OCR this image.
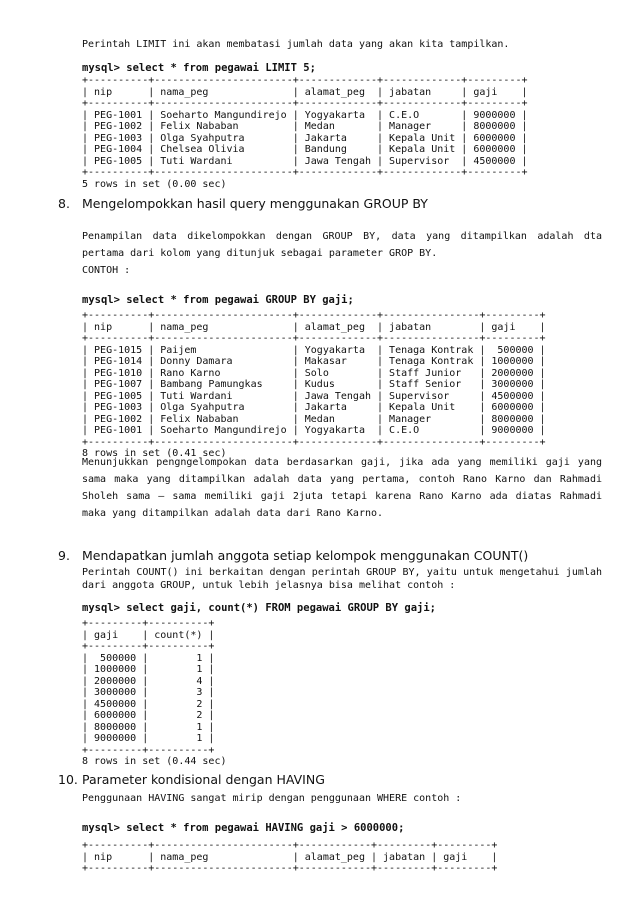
Perintah LIMIT ini akan membatasi jumlah data yang akan kita tampilkan.

mysql> select * from pegawai LIMIT 5;

+----------+-----------------------+-------------+-------------+---------+
| nip      | nama_peg              | alamat_peg  | jabatan     | gaji    |
+----------+-----------------------+-------------+-------------+---------+
| PEG-1001 | Soeharto Mangundirejo | Yogyakarta  | C.E.O       | 9000000 |
| PEG-1002 | Felix Nababan         | Medan       | Manager     | 8000000 |
| PEG-1003 | Olga Syahputra        | Jakarta     | Kepala Unit | 6000000 |
| PEG-1004 | Chelsea Olivia        | Bandung     | Kepala Unit | 6000000 |
| PEG-1005 | Tuti Wardani          | Jawa Tengah | Supervisor  | 4500000 |
+----------+-----------------------+-------------+-------------+---------+
5 rows in set (0.00 sec)
8. Mengelompokkan hasil query menggunakan GROUP BY

Penampilan data dikelompokkan dengan GROUP BY, data yang ditampilkan adalah dta pertama dari kolom yang ditunjuk sebagai parameter GROP BY.

CONTOH :

mysql> select * from pegawai GROUP BY gaji;

+----------+-----------------------+-------------+----------------+---------+
| nip      | nama_peg              | alamat_peg  | jabatan        | gaji    |
+----------+-----------------------+-------------+----------------+---------+
| PEG-1015 | Paijem                | Yogyakarta  | Tenaga Kontrak |  500000 |
| PEG-1014 | Donny Damara          | Makasar     | Tenaga Kontrak | 1000000 |
| PEG-1010 | Rano Karno            | Solo        | Staff Junior   | 2000000 |
| PEG-1007 | Bambang Pamungkas     | Kudus       | Staff Senior   | 3000000 |
| PEG-1005 | Tuti Wardani          | Jawa Tengah | Supervisor     | 4500000 |
| PEG-1003 | Olga Syahputra        | Jakarta     | Kepala Unit    | 6000000 |
| PEG-1002 | Felix Nababan         | Medan       | Manager        | 8000000 |
| PEG-1001 | Soeharto Mangundirejo | Yogyakarta  | C.E.O          | 9000000 |
+----------+-----------------------+-------------+----------------+---------+
8 rows in set (0.41 sec)

Menunjukkan pengngelompokan data berdasarkan gaji, jika ada yang memiliki gaji yang sama maka yang ditampilkan adalah data yang pertama, contoh Rano Karno dan Rahmadi Sholeh sama – sama memiliki gaji 2juta tetapi karena Rano Karno ada diatas Rahmadi maka yang ditampilkan adalah data dari Rano Karno.

9. Mendapatkan jumlah anggota setiap kelompok menggunakan COUNT()

Perintah COUNT() ini berkaitan dengan perintah GROUP BY, yaitu untuk mengetahui jumlah dari anggota GROUP, untuk lebih jelasnya bisa melihat contoh :

mysql> select gaji, count(*) FROM pegawai GROUP BY gaji;

+---------+----------+
| gaji    | count(*) |
+---------+----------+
|  500000 |        1 |
| 1000000 |        1 |
| 2000000 |        4 |
| 3000000 |        3 |
| 4500000 |        2 |
| 6000000 |        2 |
| 8000000 |        1 |
| 9000000 |        1 |
+---------+----------+
8 rows in set (0.44 sec)
10. Parameter kondisional dengan HAVING

Penggunaan HAVING sangat mirip dengan penggunaan WHERE contoh :

mysql> select * from pegawai HAVING gaji > 6000000;

+----------+-----------------------+------------+---------+---------+
| nip      | nama_peg              | alamat_peg | jabatan | gaji    |
+----------+-----------------------+------------+---------+---------+
